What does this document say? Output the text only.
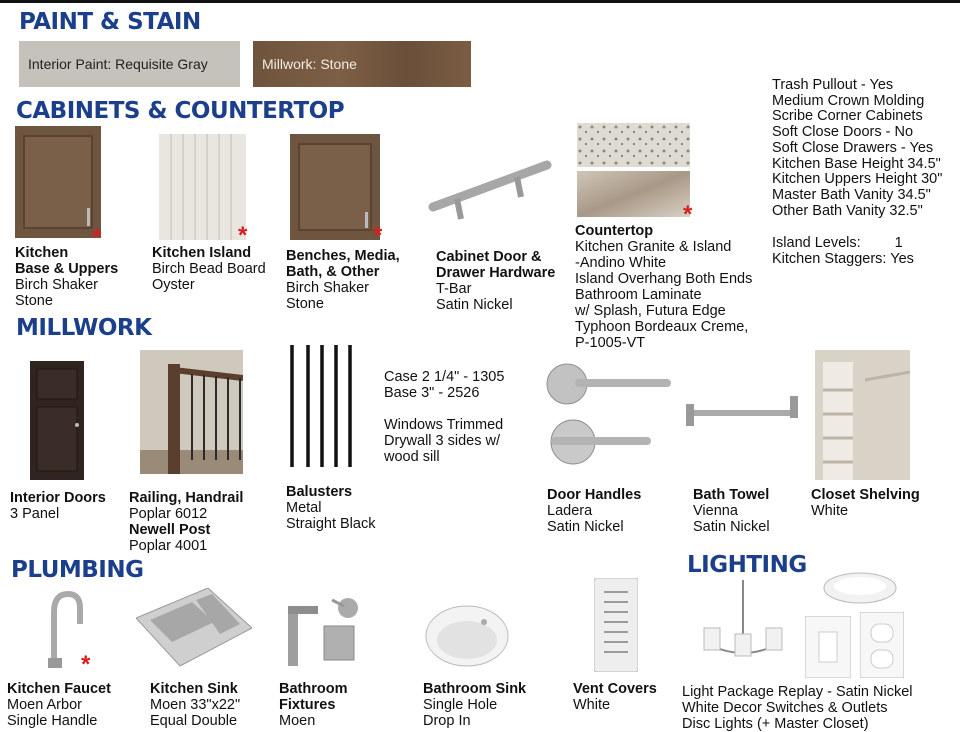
PAINT & STAIN
Interior Paint: Requisite Gray	Millwork: Stone
CABINETS & COUNTERTOP
*
Kitchen
Base & Uppers
Birch Shaker
Stone
*
Kitchen Island
Birch Bead Board
Oyster
*
Benches, Media,
Bath, & Other
Birch Shaker
Stone
Cabinet Door &
Drawer Hardware
T-Bar
Satin Nickel
*
Countertop
Kitchen Granite & Island
-Andino White
Island Overhang Both Ends
Bathroom Laminate
w/ Splash, Futura Edge
Typhoon Bordeaux Creme,
P-1005-VT
Trash Pullout - Yes
Medium Crown Molding
Scribe Corner Cabinets
Soft Close Doors - No
Soft Close Drawers - Yes
Kitchen Base Height 34.5"
Kitchen Uppers Height 30"
Master Bath Vanity 34.5"
Other Bath Vanity 32.5"
Island Levels: 1
Kitchen Staggers: Yes
MILLWORK
Interior Doors
3 Panel
Railing, Handrail
Poplar 6012
Newell Post
Poplar 4001
Balusters
Metal
Straight Black
Case 2 1/4" - 1305
Base 3" - 2526
Windows Trimmed
Drywall 3 sides w/
wood sill
Door Handles
Ladera
Satin Nickel
Bath Towel
Vienna
Satin Nickel
Closet Shelving
White
PLUMBING
*
Kitchen Faucet
Moen Arbor
Single Handle
Kitchen Sink
Moen 33"x22"
Equal Double
Bathroom
Fixtures
Moen
Bathroom Sink
Single Hole
Drop In
Vent Covers
White
LIGHTING
Light Package Replay - Satin Nickel
White Decor Switches & Outlets
Disc Lights (+ Master Closet)
